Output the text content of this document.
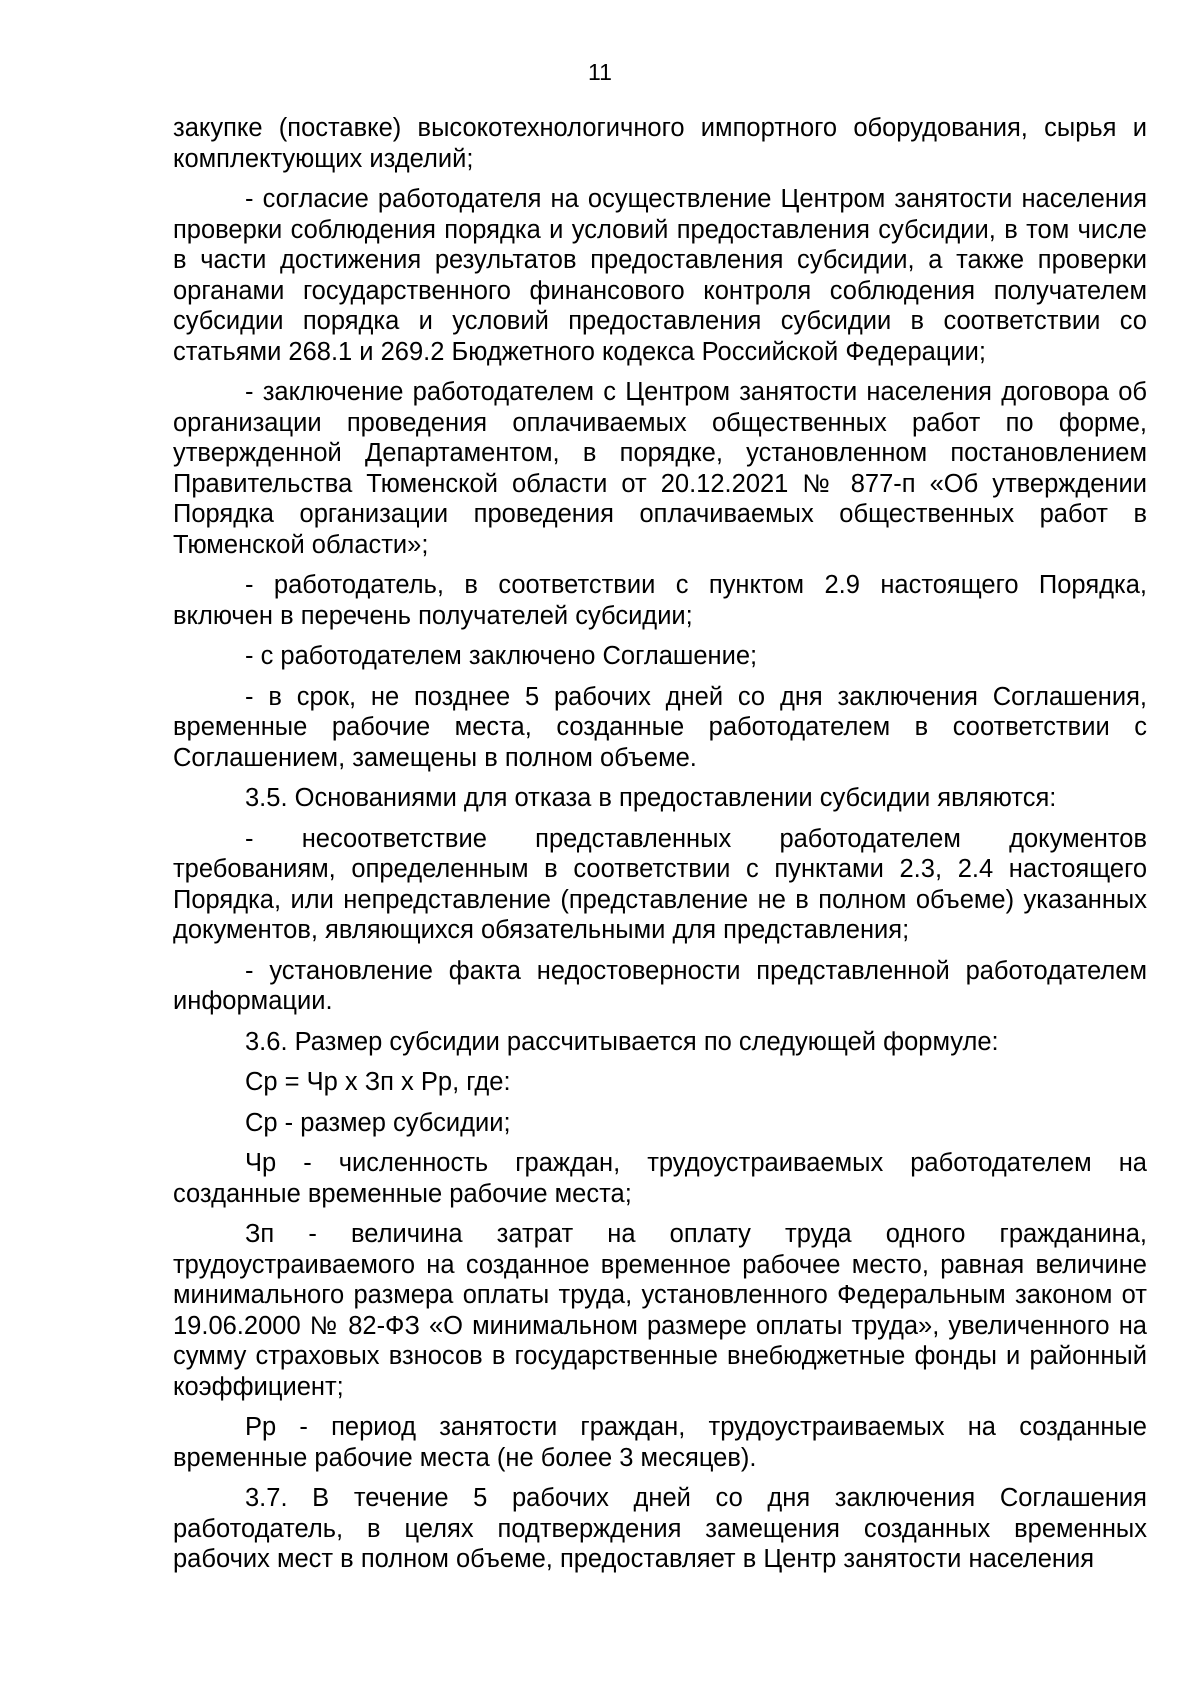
11

закупке (поставке) высокотехнологичного импортного оборудования, сырья и комплектующих изделий;

- согласие работодателя на осуществление Центром занятости населения проверки соблюдения порядка и условий предоставления субсидии, в том числе в части достижения результатов предоставления субсидии, а также проверки органами государственного финансового контроля соблюдения получателем субсидии порядка и условий предоставления субсидии в соответствии со статьями 268.1 и 269.2 Бюджетного кодекса Российской Федерации;

- заключение работодателем с Центром занятости населения договора об организации проведения оплачиваемых общественных работ по форме, утвержденной Департаментом, в порядке, установленном постановлением Правительства Тюменской области от 20.12.2021 № 877-п «Об утверждении Порядка организации проведения оплачиваемых общественных работ в Тюменской области»;

- работодатель, в соответствии с пунктом 2.9 настоящего Порядка, включен в перечень получателей субсидии;

- с работодателем заключено Соглашение;

- в срок, не позднее 5 рабочих дней со дня заключения Соглашения, временные рабочие места, созданные работодателем в соответствии с Соглашением, замещены в полном объеме.

3.5. Основаниями для отказа в предоставлении субсидии являются:

- несоответствие представленных работодателем документов требованиям, определенным в соответствии с пунктами 2.3, 2.4 настоящего Порядка, или непредставление (представление не в полном объеме) указанных документов, являющихся обязательными для представления;

- установление факта недостоверности представленной работодателем информации.

3.6. Размер субсидии рассчитывается по следующей формуле:

Ср = Чр х Зп х Рр, где:

Ср - размер субсидии;

Чр - численность граждан, трудоустраиваемых работодателем на созданные временные рабочие места;

Зп - величина затрат на оплату труда одного гражданина, трудоустраиваемого на созданное временное рабочее место, равная величине минимального размера оплаты труда, установленного Федеральным законом от 19.06.2000 № 82-ФЗ «О минимальном размере оплаты труда», увеличенного на сумму страховых взносов в государственные внебюджетные фонды и районный коэффициент;

Рр - период занятости граждан, трудоустраиваемых на созданные временные рабочие места (не более 3 месяцев).

3.7. В течение 5 рабочих дней со дня заключения Соглашения работодатель, в целях подтверждения замещения созданных временных рабочих мест в полном объеме, предоставляет в Центр занятости населения
